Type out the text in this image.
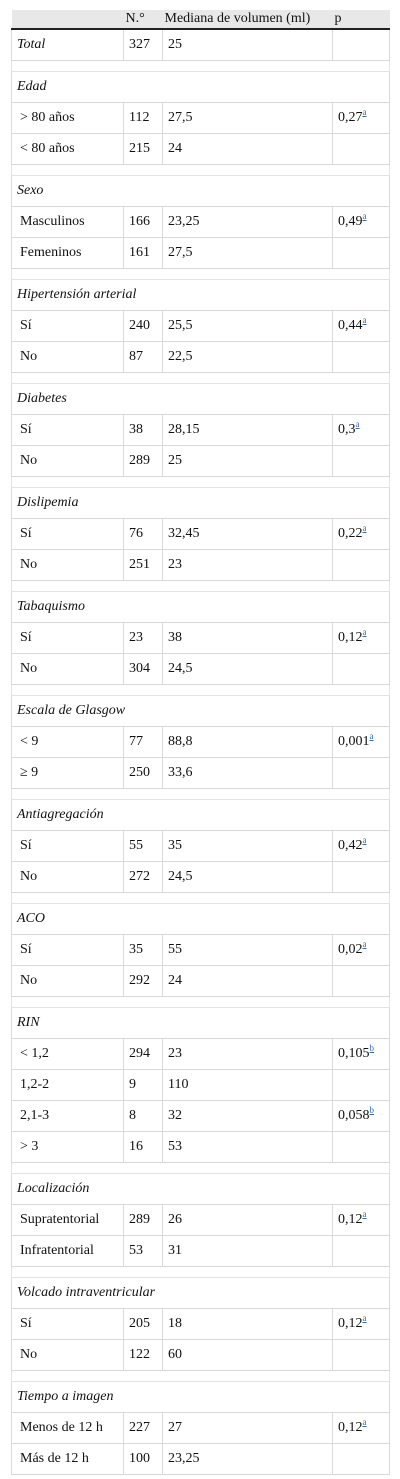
	N.°	Mediana de volumen (ml)	p
Total	327	25	

Edad			
> 80 años	112	27,5	0,27$^a$
< 80 años	215	24	

Sexo			
Masculinos	166	23,25	0,49$^a$
Femeninos	161	27,5	

Hipertensión arterial			
Sí	240	25,5	0,44$^a$
No	87	22,5	

Diabetes			
Sí	38	28,15	0,3$^a$
No	289	25	

Dislipemia			
Sí	76	32,45	0,22$^a$
No	251	23	

Tabaquismo			
Sí	23	38	0,12$^a$
No	304	24,5	

Escala de Glasgow			
< 9	77	88,8	0,001$^a$
≥ 9	250	33,6	

Antiagregación			
Sí	55	35	0,42$^a$
No	272	24,5	

ACO			
Sí	35	55	0,02$^a$
No	292	24	

RIN			
< 1,2	294	23	0,105$^b$
1,2-2	9	110	
2,1-3	8	32	0,058$^b$
> 3	16	53	

Localización			
Supratentorial	289	26	0,12$^a$
Infratentorial	53	31	

Volcado intraventricular			
Sí	205	18	0,12$^a$
No	122	60	

Tiempo a imagen			
Menos de 12 h	227	27	0,12$^a$
Más de 12 h	100	23,25	
